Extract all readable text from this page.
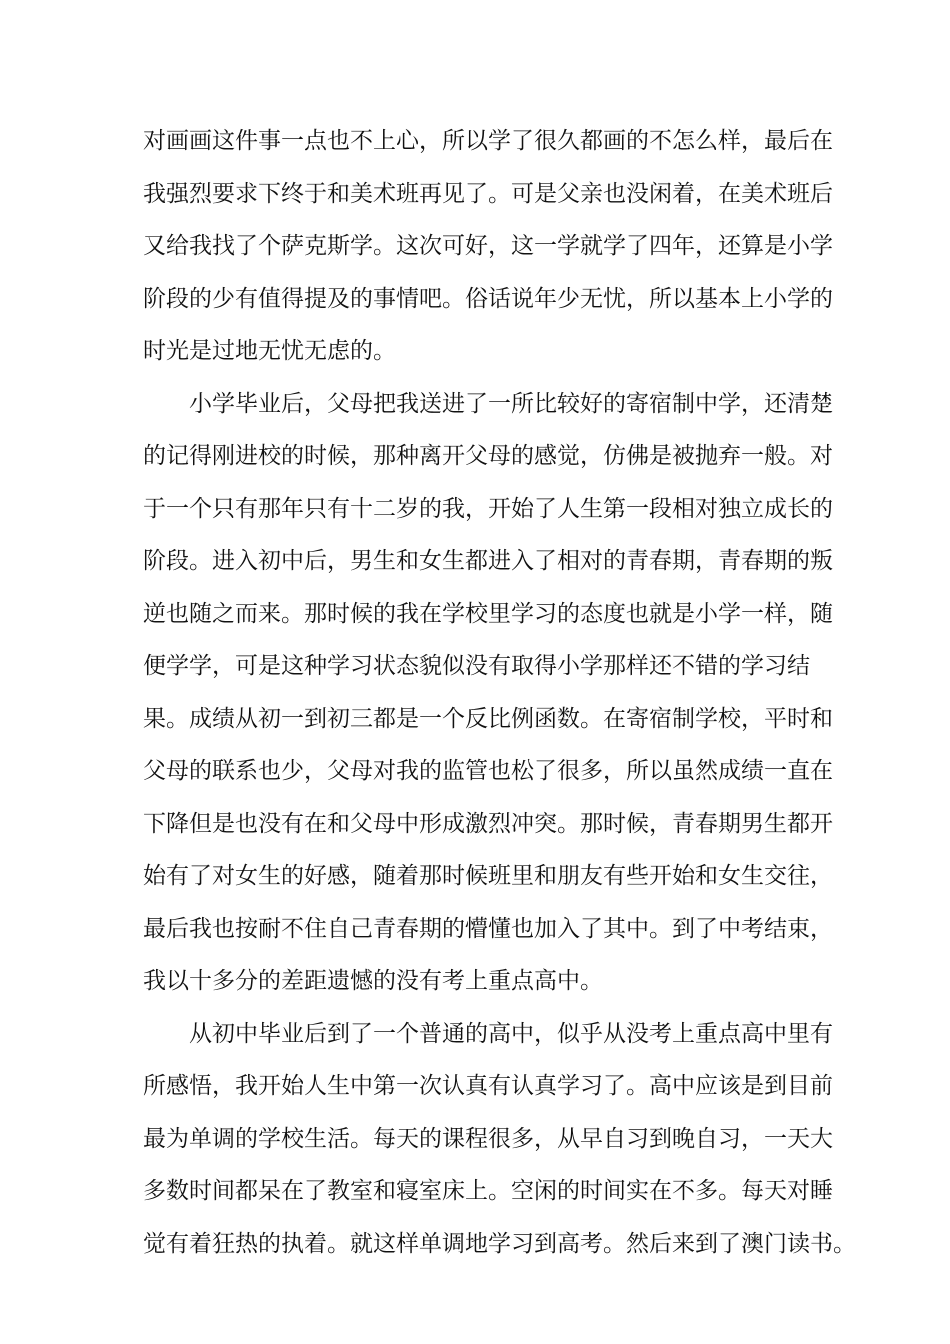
对画画这件事一点也不上心，所以学了很久都画的不怎么样，最后在
我强烈要求下终于和美术班再见了。可是父亲也没闲着，在美术班后
又给我找了个萨克斯学。这次可好，这一学就学了四年，还算是小学
阶段的少有值得提及的事情吧。俗话说年少无忧，所以基本上小学的
时光是过地无忧无虑的。
小学毕业后，父母把我送进了一所比较好的寄宿制中学，还清楚
的记得刚进校的时候，那种离开父母的感觉，仿佛是被抛弃一般。对
于一个只有那年只有十二岁的我，开始了人生第一段相对独立成长的
阶段。进入初中后，男生和女生都进入了相对的青春期，青春期的叛
逆也随之而来。那时候的我在学校里学习的态度也就是小学一样，随
便学学，可是这种学习状态貌似没有取得小学那样还不错的学习结
果。成绩从初一到初三都是一个反比例函数。在寄宿制学校，平时和
父母的联系也少，父母对我的监管也松了很多，所以虽然成绩一直在
下降但是也没有在和父母中形成激烈冲突。那时候，青春期男生都开
始有了对女生的好感，随着那时候班里和朋友有些开始和女生交往，
最后我也按耐不住自己青春期的懵懂也加入了其中。到了中考结束，
我以十多分的差距遗憾的没有考上重点高中。
从初中毕业后到了一个普通的高中，似乎从没考上重点高中里有
所感悟，我开始人生中第一次认真有认真学习了。高中应该是到目前
最为单调的学校生活。每天的课程很多，从早自习到晚自习，一天大
多数时间都呆在了教室和寝室床上。空闲的时间实在不多。每天对睡
觉有着狂热的执着。就这样单调地学习到高考。然后来到了澳门读书。
